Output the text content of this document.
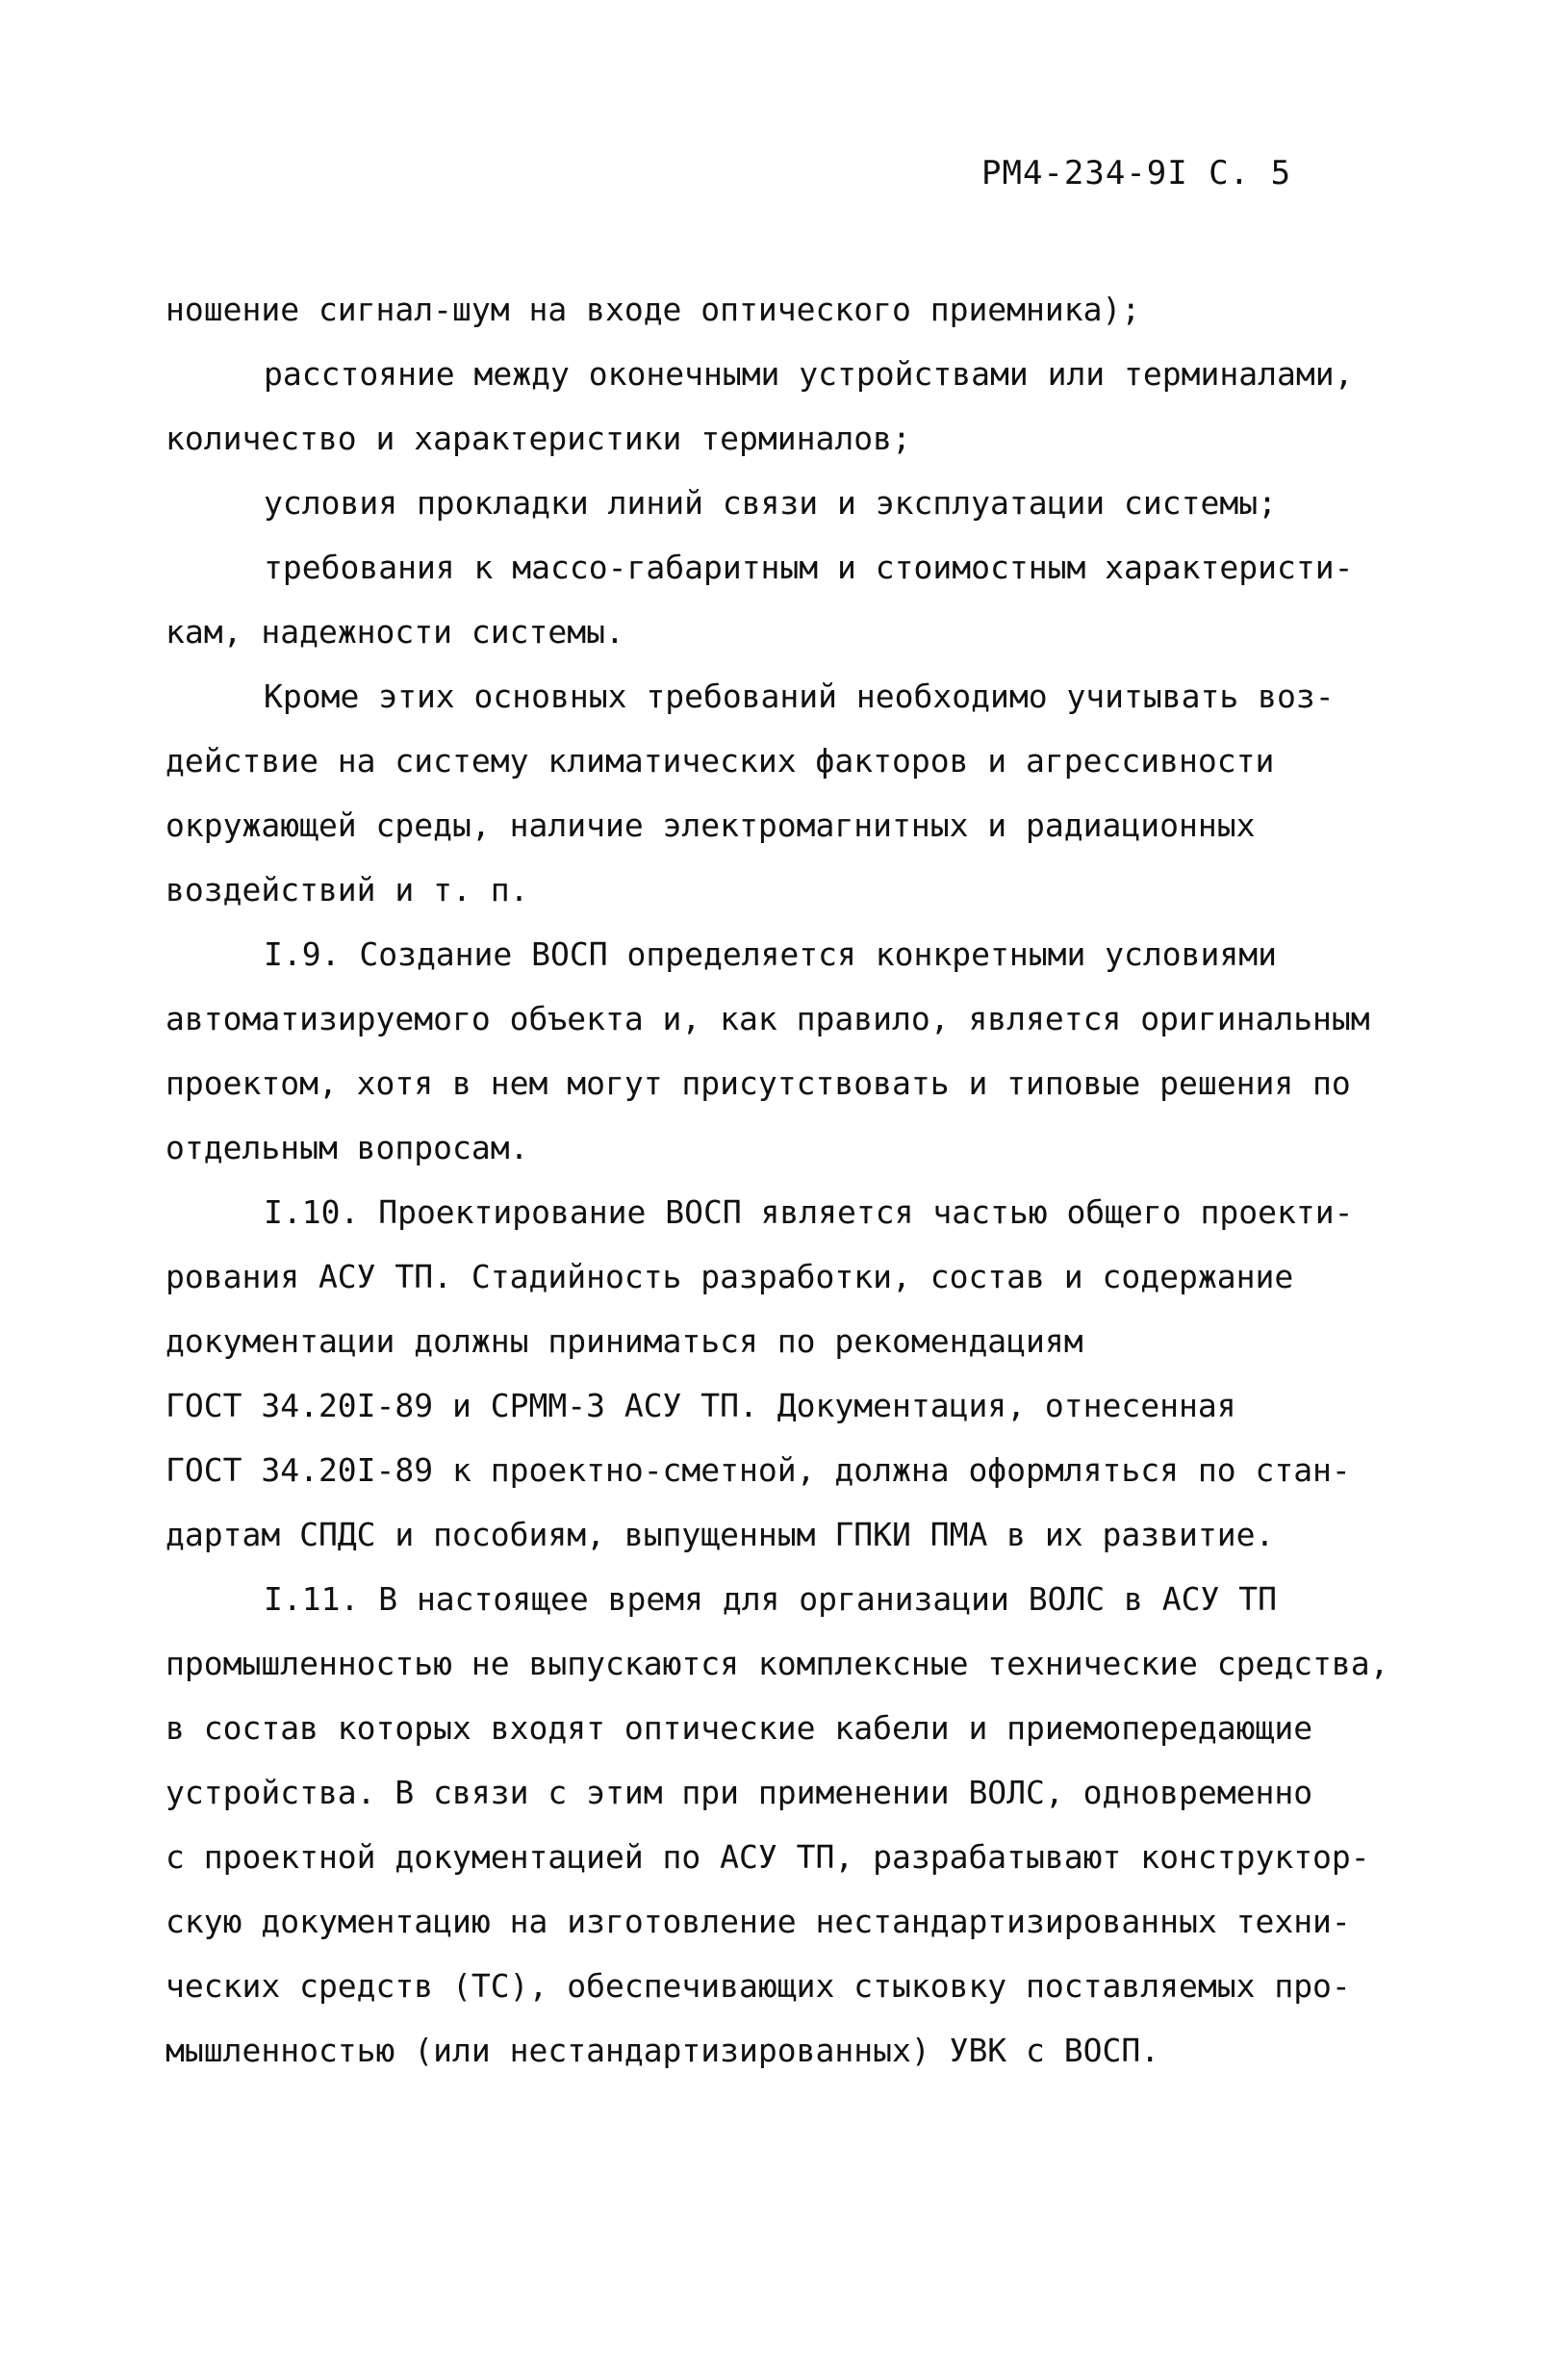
РМ4-234-9I С. 5
ношение сигнал-шум на входе оптического приемника);
расстояние между оконечными устройствами или терминалами,
количество и характеристики терминалов;
условия прокладки линий связи и эксплуатации системы;
требования к массо-габаритным и стоимостным характеристи-
кам, надежности системы.
Кроме этих основных требований необходимо учитывать воз-
действие на систему климатических факторов и агрессивности
окружающей среды, наличие электромагнитных и радиационных
воздействий и т. п.
I.9. Создание ВОСП определяется конкретными условиями
автоматизируемого объекта и, как правило, является оригинальным
проектом, хотя в нем могут присутствовать и типовые решения по
отдельным вопросам.
I.10. Проектирование ВОСП является частью общего проекти-
рования АСУ ТП. Стадийность разработки, состав и содержание
документации должны приниматься по рекомендациям
ГОСТ 34.20I-89 и СРММ-3 АСУ ТП. Документация, отнесенная
ГОСТ 34.20I-89 к проектно-сметной, должна оформляться по стан-
дартам СПДС и пособиям, выпущенным ГПКИ ПМА в их развитие.
I.11. В настоящее время для организации ВОЛС в АСУ ТП
промышленностью не выпускаются комплексные технические средства,
в состав которых входят оптические кабели и приемопередающие
устройства. В связи с этим при применении ВОЛС, одновременно
с проектной документацией по АСУ ТП, разрабатывают конструктор-
скую документацию на изготовление нестандартизированных техни-
ческих средств (ТС), обеспечивающих стыковку поставляемых про-
мышленностью (или нестандартизированных) УВК с ВОСП.
